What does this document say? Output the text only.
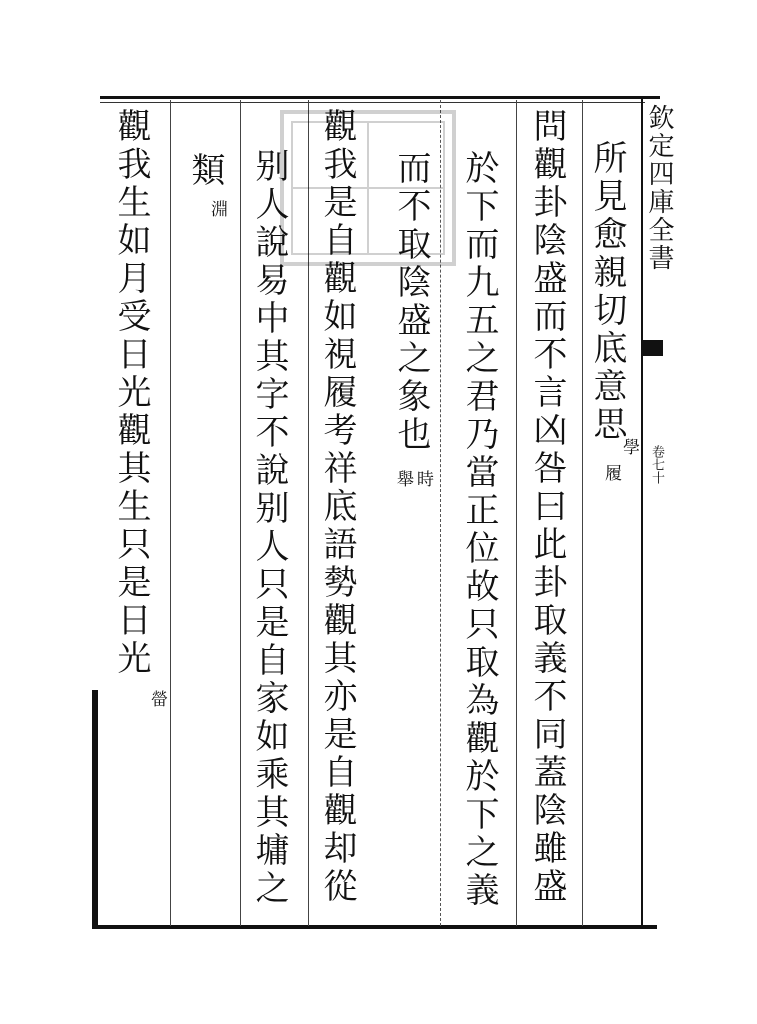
欽定四庫全書
卷七十
所見愈親切底意思
學
履
問觀卦陰盛而不言凶咎曰此卦取義不同蓋陰雖盛
於下而九五之君乃當正位故只取為觀於下之義
而不取陰盛之象也
時
舉
觀我是自觀如視履考祥底語勢觀其亦是自觀却從
别人說易中其字不說别人只是自家如乘其墉之
類
淵
觀我生如月受日光觀其生只是日光
㽦
